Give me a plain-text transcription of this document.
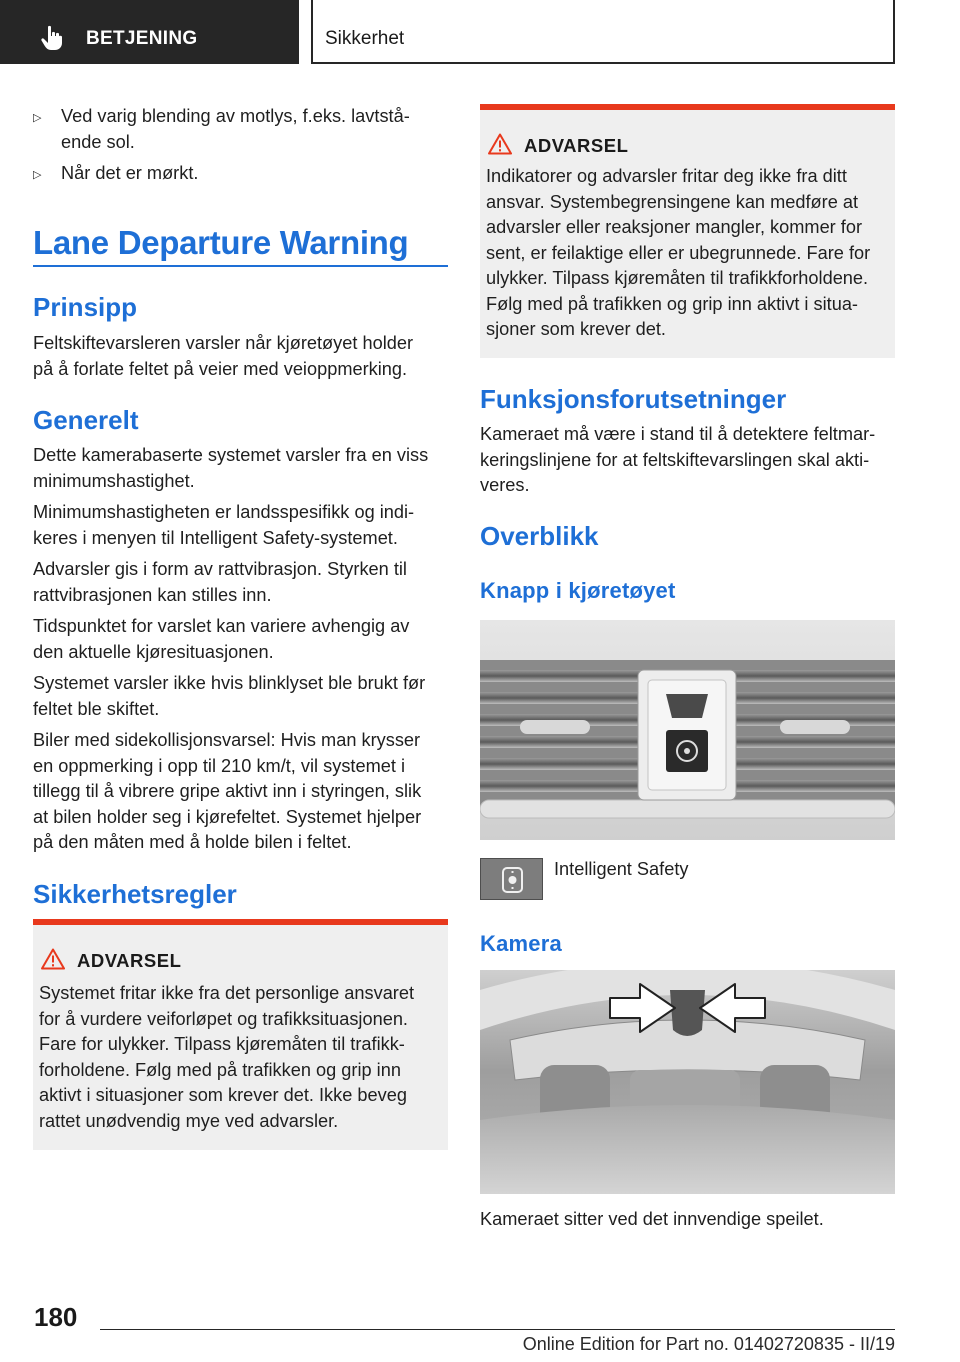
BETJENING	Sikkerhet
▷ Ved varig blending av motlys, f.eks. lavtstå-
ende sol.
▷ Når det er mørkt.
Lane Departure Warning
Prinsipp
Feltskiftevarsleren varsler når kjøretøyet holder
på å forlate feltet på veier med veioppmerking.
Generelt
Dette kamerabaserte systemet varsler fra en viss
minimumshastighet.
Minimumshastigheten er landsspesifikk og indi-
keres i menyen til Intelligent Safety-systemet.
Advarsler gis i form av rattvibrasjon. Styrken til
rattvibrasjonen kan stilles inn.
Tidspunktet for varslet kan variere avhengig av
den aktuelle kjøresituasjonen.
Systemet varsler ikke hvis blinklyset ble brukt før
feltet ble skiftet.
Biler med sidekollisjonsvarsel: Hvis man krysser
en oppmerking i opp til 210 km/t, vil systemet i
tillegg til å vibrere gripe aktivt inn i styringen, slik
at bilen holder seg i kjørefeltet. Systemet hjelper
på den måten med å holde bilen i feltet.
Sikkerhetsregler
ADVARSEL
Systemet fritar ikke fra det personlige ansvaret
for å vurdere veiforløpet og trafikksituasjonen.
Fare for ulykker. Tilpass kjøremåten til trafikk-
forholdene. Følg med på trafikken og grip inn
aktivt i situasjoner som krever det. Ikke beveg
rattet unødvendig mye ved advarsler.
ADVARSEL
Indikatorer og advarsler fritar deg ikke fra ditt
ansvar. Systembegrensingene kan medføre at
advarsler eller reaksjoner mangler, kommer for
sent, er feilaktige eller er ubegrunnede. Fare for
ulykker. Tilpass kjøremåten til trafikkforholdene.
Følg med på trafikken og grip inn aktivt i situa-
sjoner som krever det.
Funksjonsforutsetninger
Kameraet må være i stand til å detektere feltmar-
keringslinjene for at feltskiftevarslingen skal akti-
veres.
Overblikk
Knapp i kjøretøyet
Intelligent Safety
Kamera
Kameraet sitter ved det innvendige speilet.
180
Online Edition for Part no. 01402720835 - II/19
